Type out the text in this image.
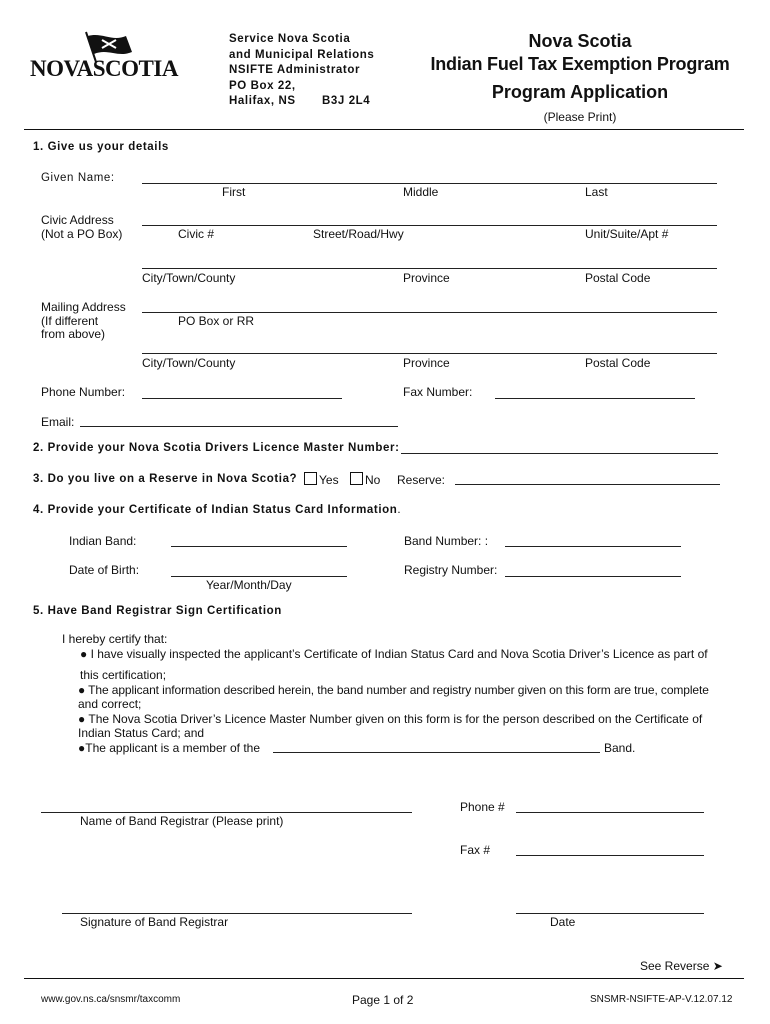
NOVASCOTIA
Service Nova Scotia
and Municipal Relations
NSIFTE Administrator
PO Box 22,
Halifax, NS B3J 2L4
Nova Scotia
Indian Fuel Tax Exemption Program
Program Application
(Please Print)
1. Give us your details
Given Name:
First	Middle	Last
Civic Address
(Not a PO Box)	Civic #	Street/Road/Hwy	Unit/Suite/Apt #
City/Town/County	Province	Postal Code
Mailing Address
(If different
from above)
PO Box or RR
City/Town/County	Province	Postal Code
Phone Number:	Fax Number:
Email:
2. Provide your Nova Scotia Drivers Licence Master Number:
3. Do you live on a Reserve in Nova Scotia?	Yes	No Reserve:
4. Provide your Certificate of Indian Status Card Information.
Indian Band:	Band Number: :
Date of Birth:	Registry Number:
Year/Month/Day
5. Have Band Registrar Sign Certification
I hereby certify that:
● I have visually inspected the applicant’s Certificate of Indian Status Card and Nova Scotia Driver’s Licence as part of
this certification;
● The applicant information described herein, the band number and registry number given on this form are true, complete
and correct;
● The Nova Scotia Driver’s Licence Master Number given on this form is for the person described on the Certificate of
Indian Status Card; and
●The applicant is a member of the	Band.
Name of Band Registrar (Please print)
Phone #
Fax #
Signature of Band Registrar	Date
See Reverse ➤
www.gov.ns.ca/snsmr/taxcomm	Page 1 of 2	SNSMR-NSIFTE-AP-V.12.07.12
